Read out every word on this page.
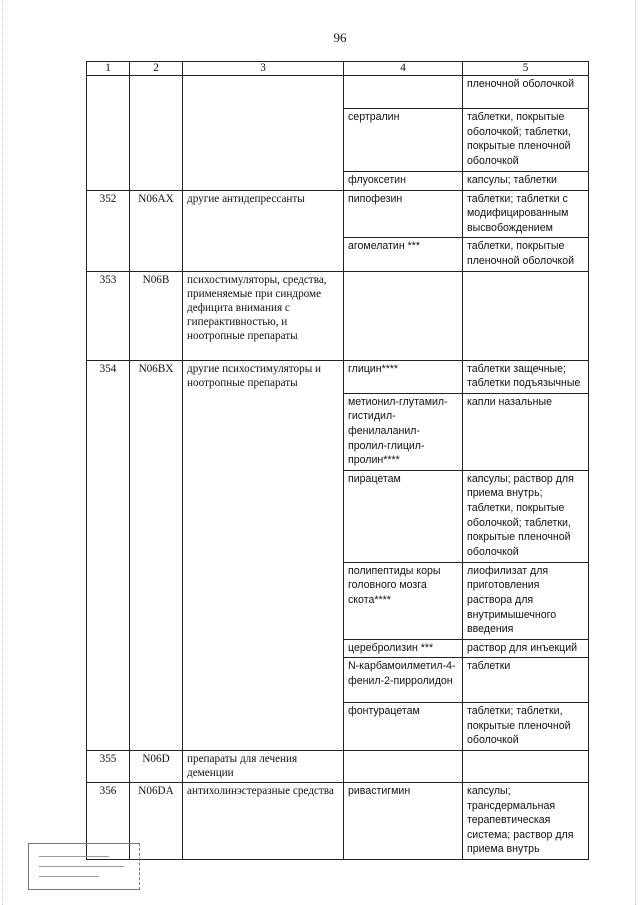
96
1	2	3	4	5
				пленочной оболочкой
			сертралин	таблетки, покрытые оболочкой; таблетки, покрытые пленочной оболочкой
			флуоксетин	капсулы; таблетки
352	N06AX	другие антидепрессанты	пипофезин	таблетки; таблетки с модифицированным высвобождением
			агомелатин ***	таблетки, покрытые пленочной оболочкой
353	N06B	психостимуляторы, средства, применяемые при синдроме дефицита внимания с гиперактивностью, и ноотропные препараты		
354	N06BX	другие психостимуляторы и ноотропные препараты	глицин****	таблетки защечные; таблетки подъязычные
			метионил-глутамил-гистидил-фенилаланил-пролил-глицил-пролин****	капли назальные
			пирацетам	капсулы; раствор для приема внутрь; таблетки, покрытые оболочкой; таблетки, покрытые пленочной оболочкой
			полипептиды коры головного мозга скота****	лиофилизат для приготовления раствора для внутримышечного введения
			церебролизин ***	раствор для инъекций
			N-карбамоилметил-4-фенил-2-пирролидон	таблетки
			фонтурацетам	таблетки; таблетки, покрытые пленочной оболочкой
355	N06D	препараты для лечения деменции		
356	N06DA	антихолинэстеразные средства	ривастигмин	капсулы; трансдермальная терапевтическая система; раствор для приема внутрь
